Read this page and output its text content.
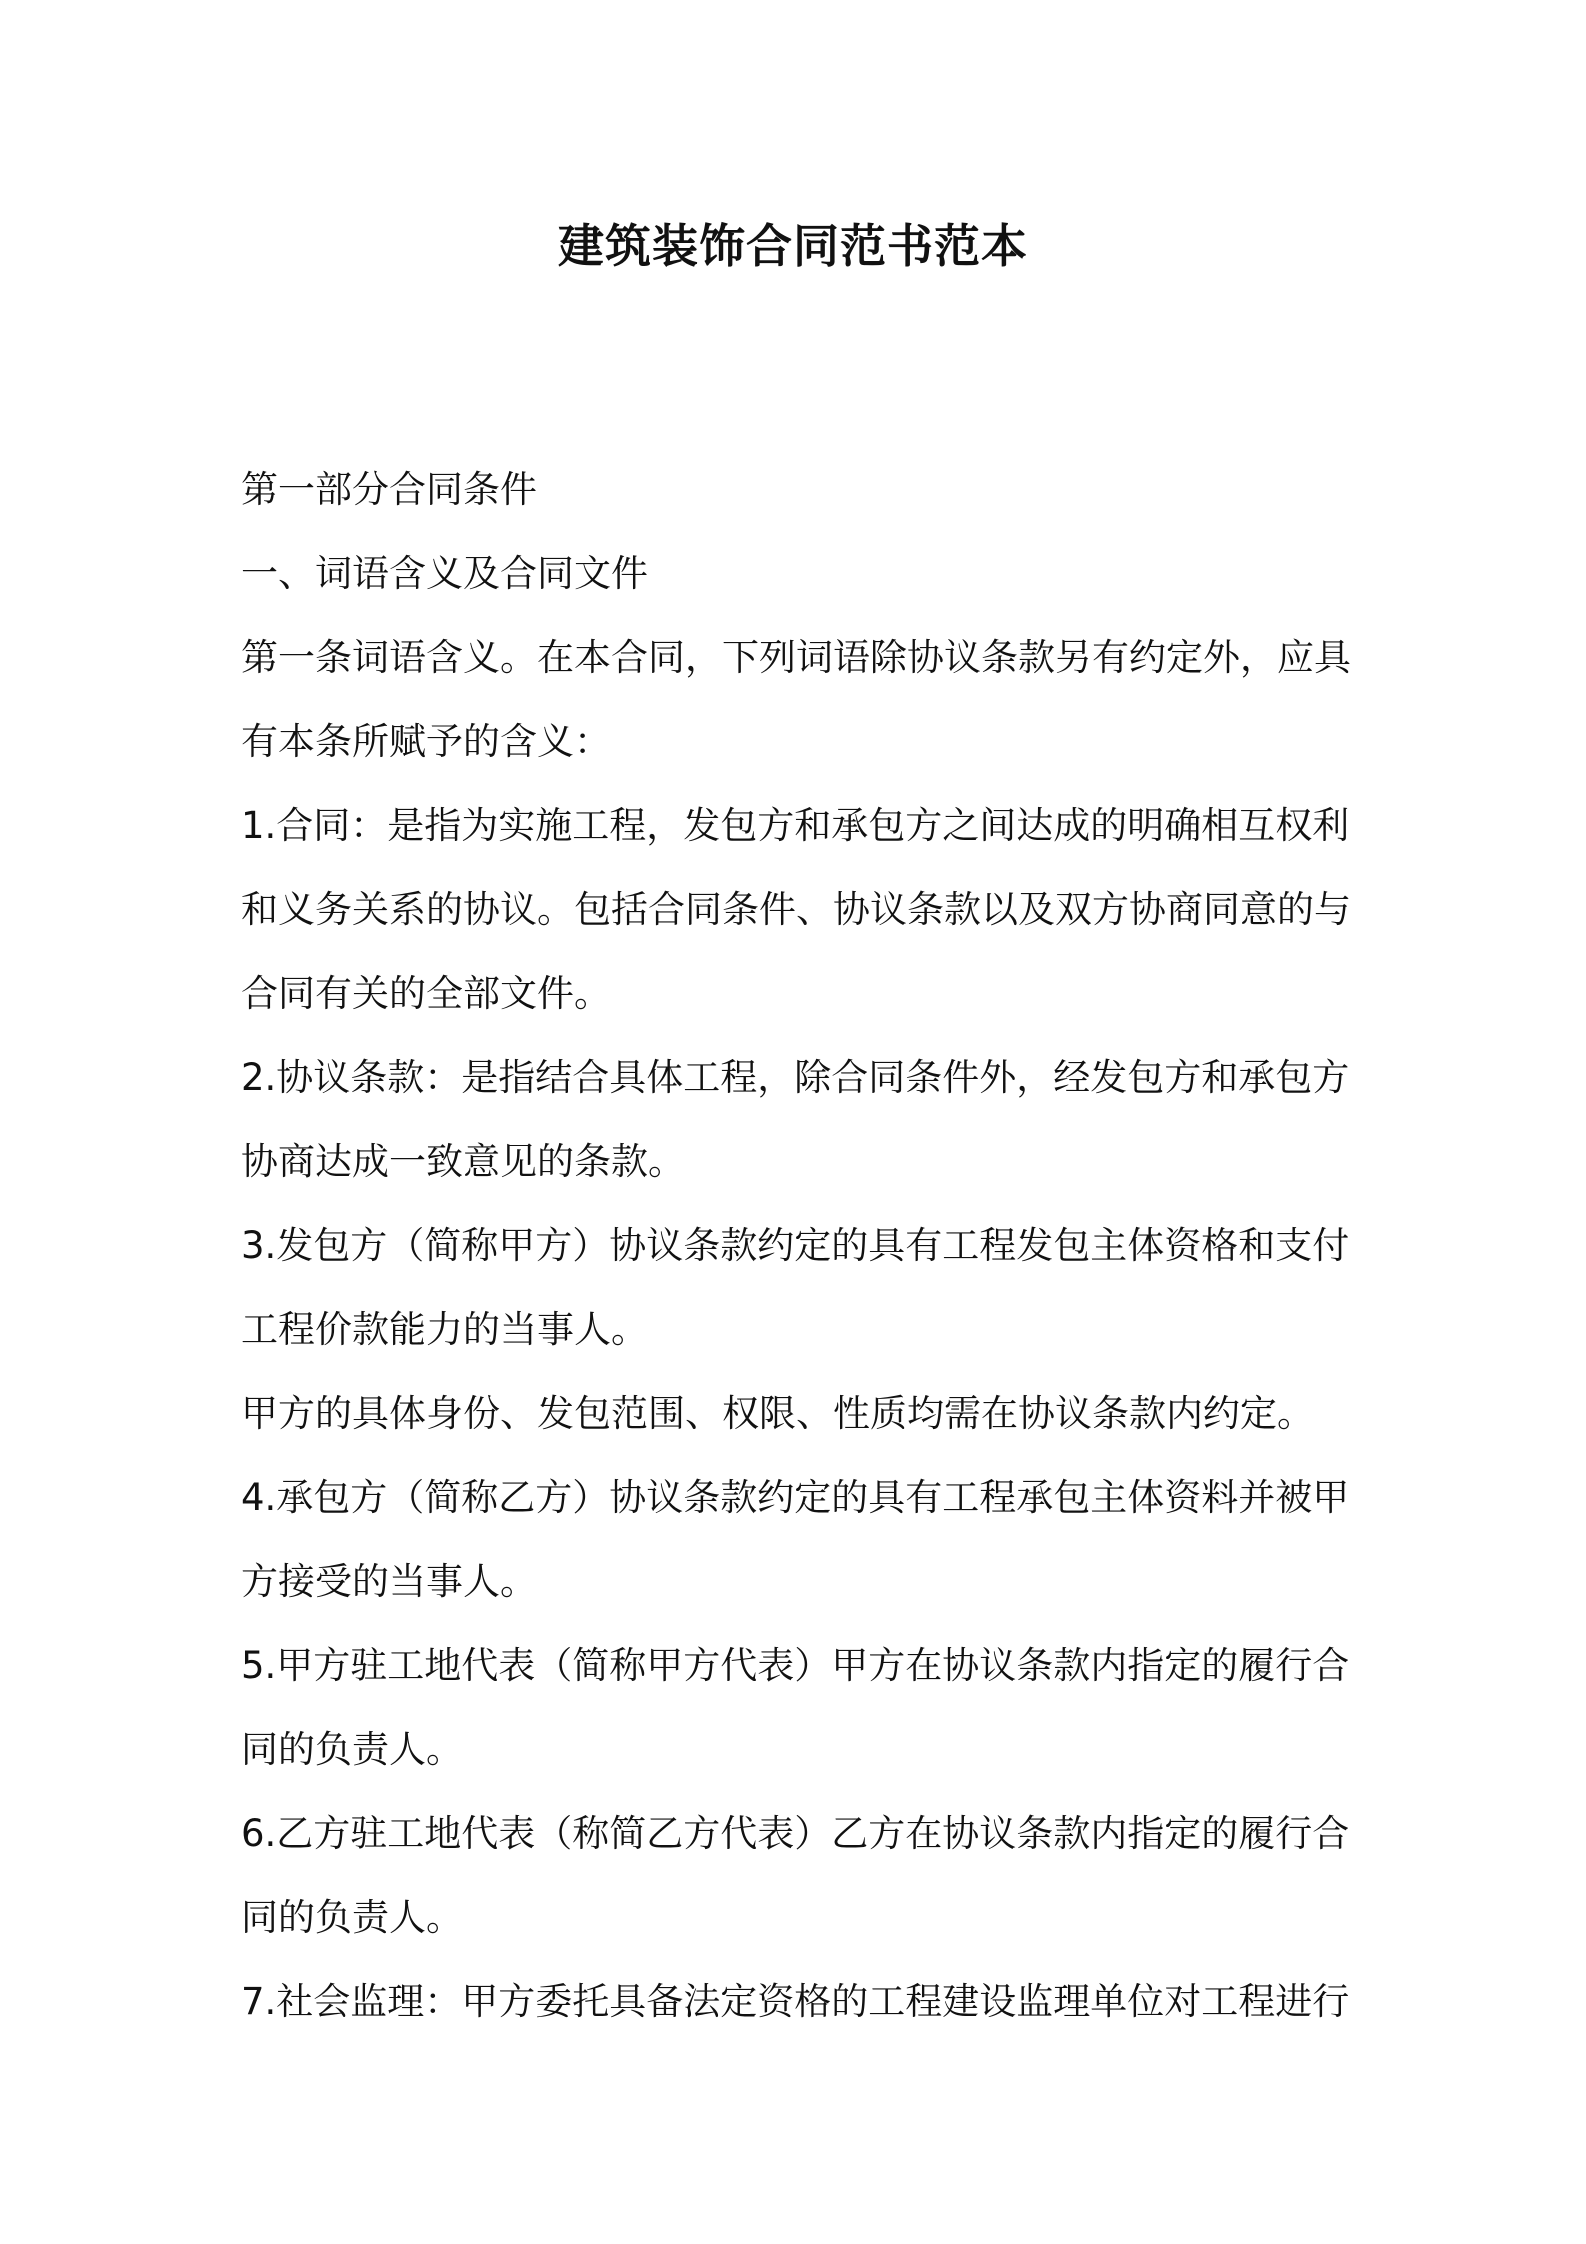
建筑装饰合同范书范本

第一部分合同条件

一、词语含义及合同文件

第一条词语含义。在本合同，下列词语除协议条款另有约定外，应具

有本条所赋予的含义：

1.合同：是指为实施工程，发包方和承包方之间达成的明确相互权利

和义务关系的协议。包括合同条件、协议条款以及双方协商同意的与

合同有关的全部文件。

2.协议条款：是指结合具体工程，除合同条件外，经发包方和承包方

协商达成一致意见的条款。

3.发包方（简称甲方）协议条款约定的具有工程发包主体资格和支付

工程价款能力的当事人。

甲方的具体身份、发包范围、权限、性质均需在协议条款内约定。

4.承包方（简称乙方）协议条款约定的具有工程承包主体资料并被甲

方接受的当事人。

5.甲方驻工地代表（简称甲方代表）甲方在协议条款内指定的履行合

同的负责人。

6.乙方驻工地代表（称简乙方代表）乙方在协议条款内指定的履行合

同的负责人。

7.社会监理：甲方委托具备法定资格的工程建设监理单位对工程进行
